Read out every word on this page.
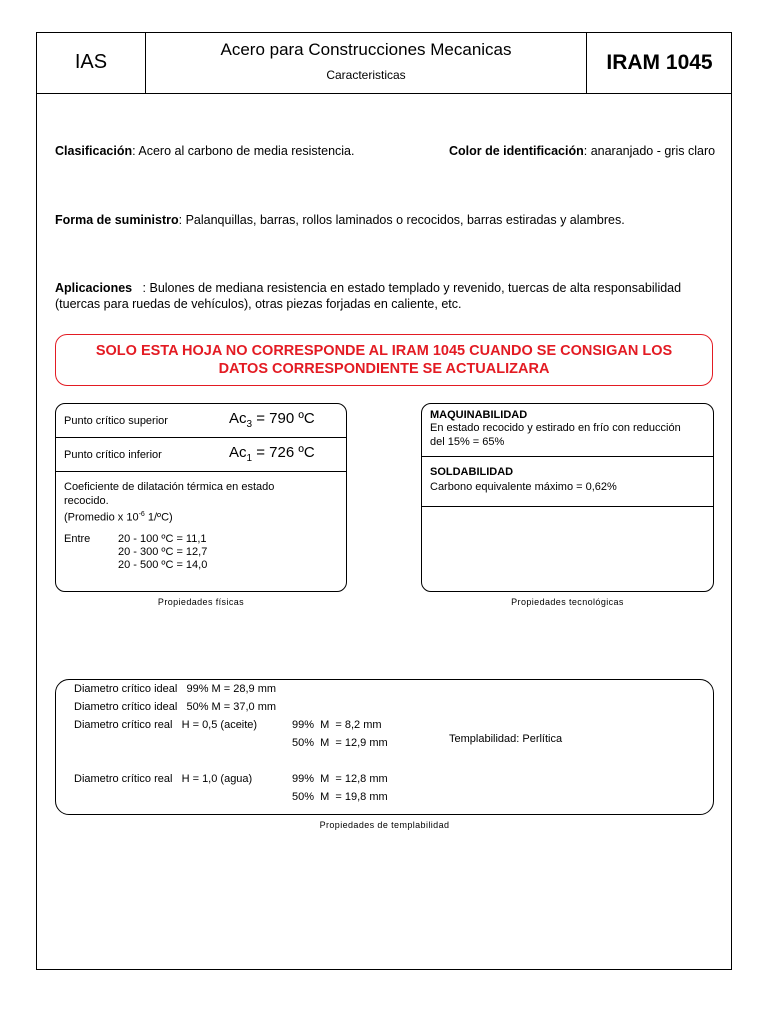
IAS
Acero para Construcciones Mecanicas
Caracteristicas
IRAM 1045
Clasificación: Acero al carbono de media resistencia.	Color de identificación: anaranjado - gris claro
Forma de suministro: Palanquillas, barras, rollos laminados o recocidos, barras estiradas y alambres.
Aplicaciones   : Bulones de mediana resistencia en estado templado y revenido, tuercas de alta responsabilidad
(tuercas para ruedas de vehículos), otras piezas forjadas en caliente, etc.
SOLO ESTA HOJA NO CORRESPONDE AL IRAM 1045 CUANDO SE CONSIGAN LOS
DATOS CORRESPONDIENTE SE ACTUALIZARA
Punto crítico superior	$Ac_3 = 790$ ºC
Punto crítico inferior	$Ac_1 = 726$ ºC
Coeficiente de dilatación térmica en estado
recocido.
(Promedio x $10^{-6}$ 1/ºC)
Entre	20 - 100 ºC = 11,1
20 - 300 ºC = 12,7
20 - 500 ºC = 14,0
Propiedades físicas
MAQUINABILIDAD
En estado recocido y estirado en frío con reducción
del 15% = 65%
SOLDABILIDAD
Carbono equivalente máximo = 0,62%
Propiedades tecnológicas
Diametro crítico ideal   99% M = 28,9 mm
Diametro crítico ideal   50% M = 37,0 mm
Diametro crítico real   H = 0,5 (aceite)	99%  M  = 8,2 mm
50%  M  = 12,9 mm	Templabilidad: Perlítica
Diametro crítico real   H = 1,0 (agua)	99%  M  = 12,8 mm
50%  M  = 19,8 mm
Propiedades de templabilidad
